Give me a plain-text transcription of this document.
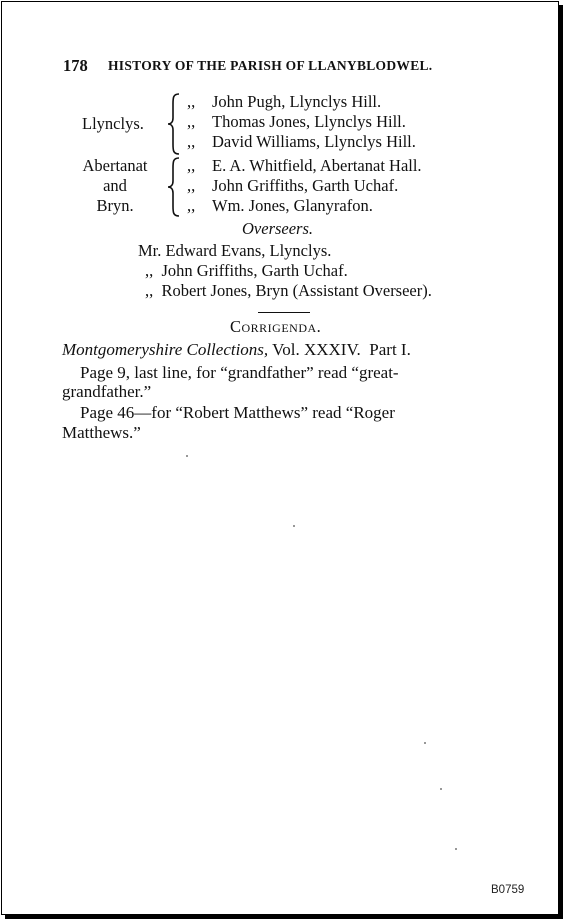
178 HISTORY OF THE PARISH OF LLANYBLODWEL.
Llynclys.
,, John Pugh, Llynclys Hill.
,, Thomas Jones, Llynclys Hill.
,, David Williams, Llynclys Hill.
Abertanat
and
Bryn.
,, E. A. Whitfield, Abertanat Hall.
,, John Griffiths, Garth Uchaf.
,, Wm. Jones, Glanyrafon.
Overseers.
Mr. Edward Evans, Llynclys.
,,  John Griffiths, Garth Uchaf.
,,  Robert Jones, Bryn (Assistant Overseer).
Corrigenda.
Montgomeryshire Collections, Vol. XXXIV.  Part I.
Page 9, last line, for “grandfather” read “great-
grandfather.”
Page 46—for “Robert Matthews” read “Roger
Matthews.”
B0759
